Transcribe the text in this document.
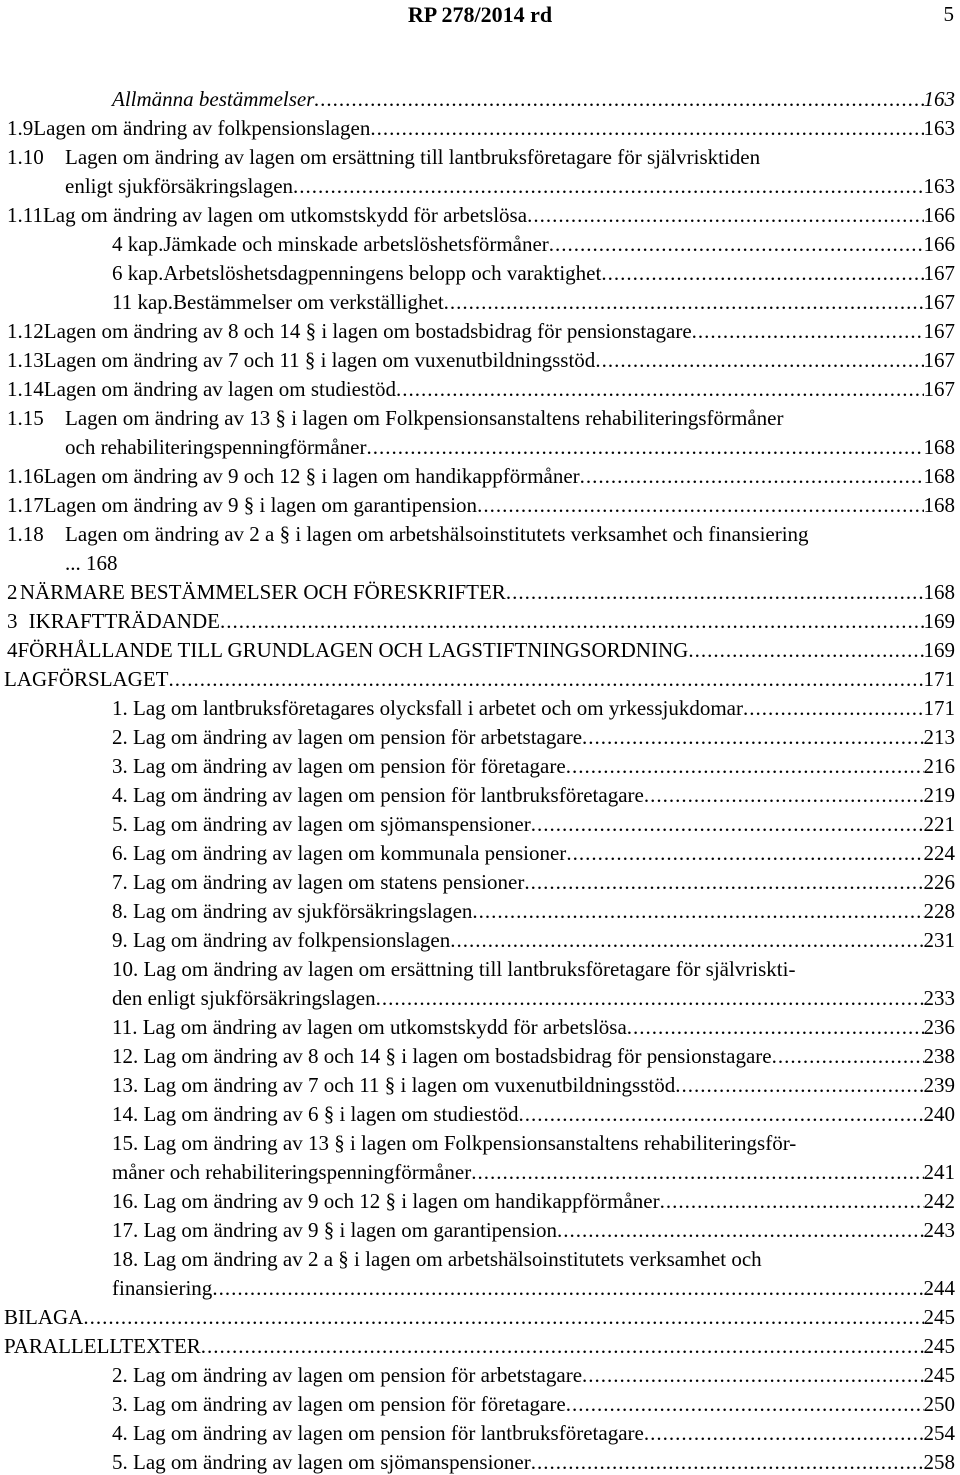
RP 278/2014 rd	5
Allmänna bestämmelser .....	163
1.9 Lagen om ändring av folkpensionslagen .....	163
1.10	Lagen om ändring av lagen om ersättning till lantbruksföretagare för självrisktiden
enligt sjukförsäkringslagen .....	163
1.11 Lag om ändring av lagen om utkomstskydd för arbetslösa .....	166
4 kap. Jämkade och minskade arbetslöshetsförmåner .....	166
6 kap. Arbetslöshetsdagpenningens belopp och varaktighet .....	167
11 kap. Bestämmelser om verkställighet .....	167
1.12 Lagen om ändring av 8 och 14 § i lagen om bostadsbidrag för pensionstagare .....	167
1.13 Lagen om ändring av 7 och 11 § i lagen om vuxenutbildningsstöd .....	167
1.14 Lagen om ändring av lagen om studiestöd .....	167
1.15	Lagen om ändring av 13 § i lagen om Folkpensionsanstaltens rehabiliteringsförmåner
och rehabiliteringspenningförmåner .....	168
1.16 Lagen om ändring av 9 och 12 § i lagen om handikappförmåner .....	168
1.17 Lagen om ändring av 9 § i lagen om garantipension .....	168
1.18	Lagen om ändring av 2 a § i lagen om arbetshälsoinstitutets verksamhet och finansiering
... 168
2 NÄRMARE BESTÄMMELSER OCH FÖRESKRIFTER .....	168
3 IKRAFTTRÄDANDE .....	169
4 FÖRHÅLLANDE TILL GRUNDLAGEN OCH LAGSTIFTNINGSORDNING .....	169
LAGFÖRSLAGET .....	171
1. Lag om lantbruksföretagares olycksfall i arbetet och om yrkessjukdomar .....	171
2. Lag om ändring av lagen om pension för arbetstagare .....	213
3. Lag om ändring av lagen om pension för företagare .....	216
4. Lag om ändring av lagen om pension för lantbruksföretagare .....	219
5. Lag om ändring av lagen om sjömanspensioner .....	221
6. Lag om ändring av lagen om kommunala pensioner .....	224
7. Lag om ändring av lagen om statens pensioner .....	226
8. Lag om ändring av sjukförsäkringslagen .....	228
9. Lag om ändring av folkpensionslagen .....	231
10. Lag om ändring av lagen om ersättning till lantbruksföretagare för självriskti-
den enligt sjukförsäkringslagen .....	233
11. Lag om ändring av lagen om utkomstskydd för arbetslösa .....	236
12. Lag om ändring av 8 och 14 § i lagen om bostadsbidrag för pensionstagare .....	238
13. Lag om ändring av 7 och 11 § i lagen om vuxenutbildningsstöd .....	239
14. Lag om ändring av 6 § i lagen om studiestöd .....	240
15. Lag om ändring av 13 § i lagen om Folkpensionsanstaltens rehabiliteringsför-
måner och rehabiliteringspenningförmåner .....	241
16. Lag om ändring av 9 och 12 § i lagen om handikappförmåner .....	242
17. Lag om ändring av 9 § i lagen om garantipension .....	243
18. Lag om ändring av 2 a § i lagen om arbetshälsoinstitutets verksamhet och
finansiering .....	244
BILAGA .....	245
PARALLELLTEXTER .....	245
2. Lag om ändring av lagen om pension för arbetstagare .....	245
3. Lag om ändring av lagen om pension för företagare .....	250
4. Lag om ändring av lagen om pension för lantbruksföretagare .....	254
5. Lag om ändring av lagen om sjömanspensioner .....	258
